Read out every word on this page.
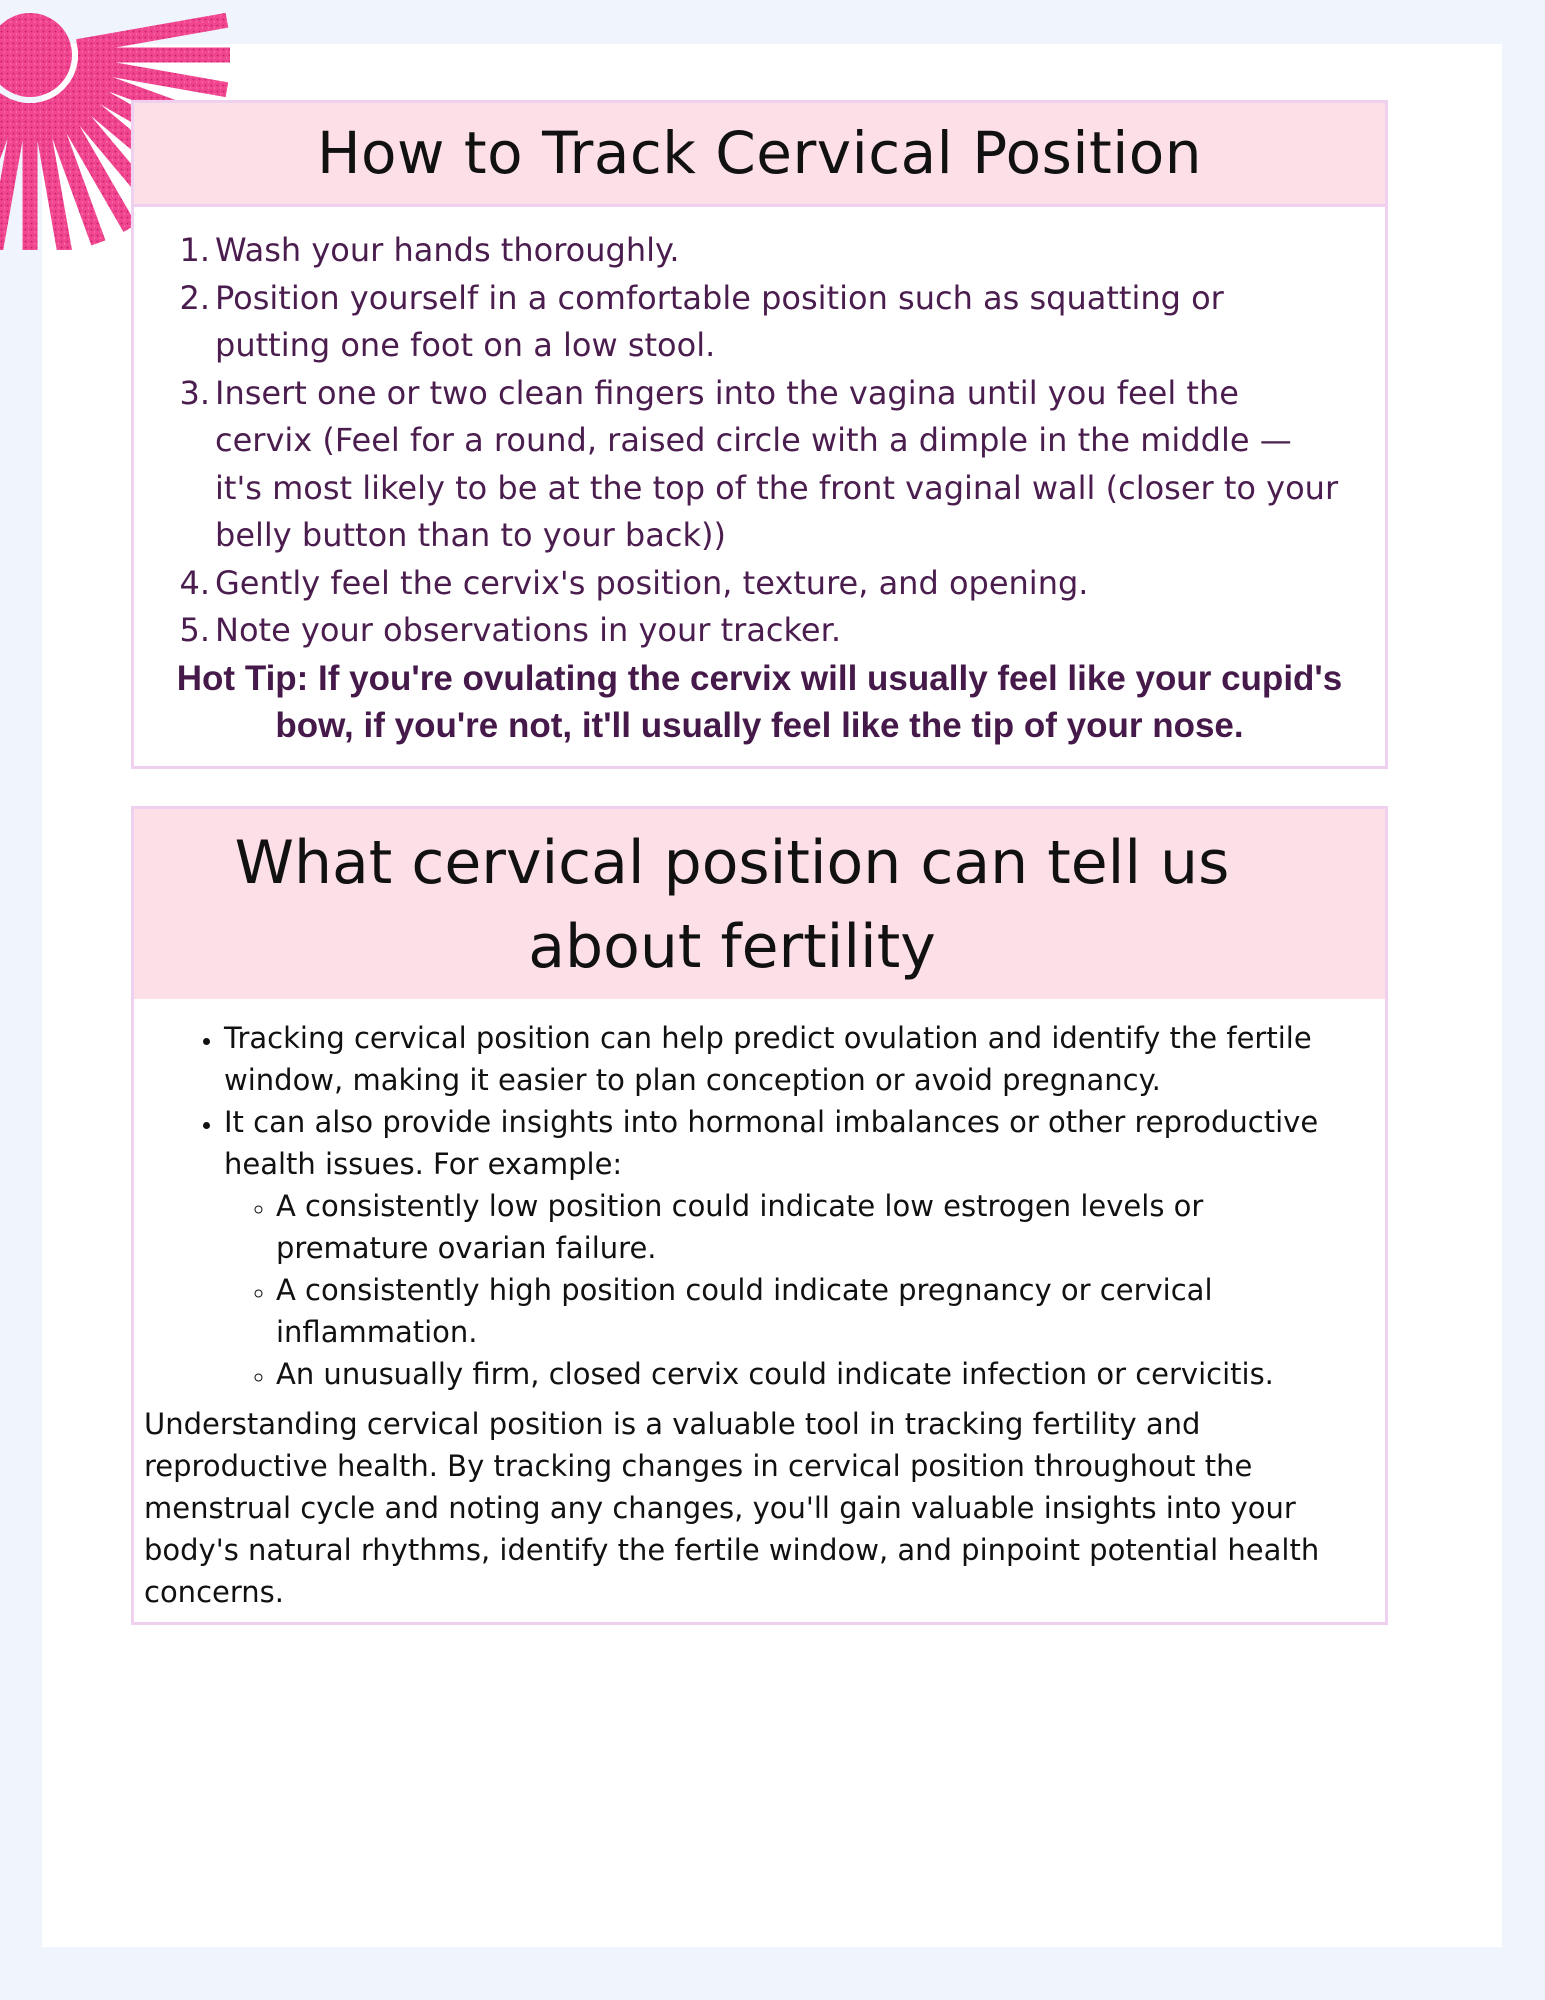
How to Track Cervical Position
1. Wash your hands thoroughly.
2. Position yourself in a comfortable position such as squatting or putting one foot on a low stool.
3. Insert one or two clean fingers into the vagina until you feel the cervix (Feel for a round, raised circle with a dimple in the middle — it's most likely to be at the top of the front vaginal wall (closer to your belly button than to your back))
4. Gently feel the cervix's position, texture, and opening.
5. Note your observations in your tracker.

Hot Tip: If you're ovulating the cervix will usually feel like your cupid's bow, if you're not, it'll usually feel like the tip of your nose.

What cervical position can tell us
about fertility
• Tracking cervical position can help predict ovulation and identify the fertile window, making it easier to plan conception or avoid pregnancy.
• It can also provide insights into hormonal imbalances or other reproductive health issues. For example:
◦ A consistently low position could indicate low estrogen levels or premature ovarian failure.
◦ A consistently high position could indicate pregnancy or cervical inflammation.
◦ An unusually firm, closed cervix could indicate infection or cervicitis.

Understanding cervical position is a valuable tool in tracking fertility and reproductive health. By tracking changes in cervical position throughout the menstrual cycle and noting any changes, you'll gain valuable insights into your body's natural rhythms, identify the fertile window, and pinpoint potential health concerns.
